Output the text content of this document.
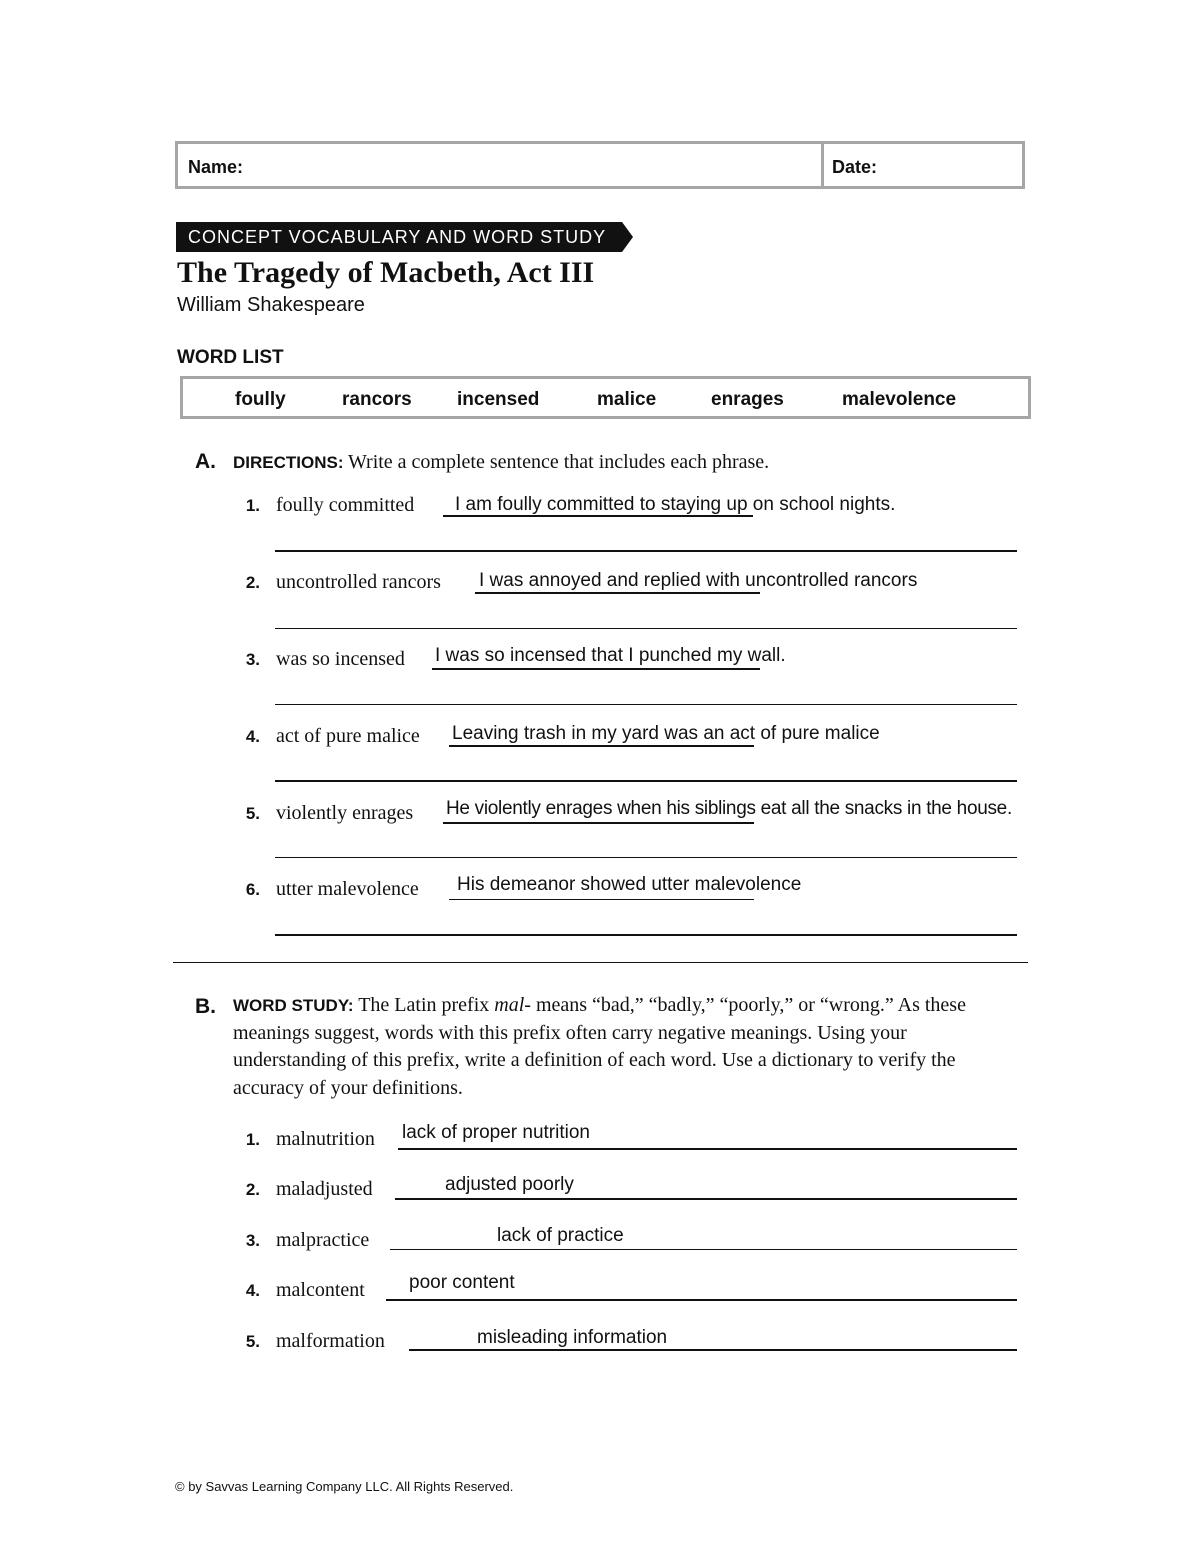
Name:	Date:
CONCEPT VOCABULARY AND WORD STUDY
The Tragedy of Macbeth, Act III
William Shakespeare
WORD LIST
foully	rancors incensed	malice	enrages	malevolence
A. DIRECTIONS: Write a complete sentence that includes each phrase.
1. foully committed I am foully committed to staying up on school nights.
2. uncontrolled rancors I was annoyed and replied with uncontrolled rancors
3. was so incensed I was so incensed that I punched my wall.
4. act of pure malice Leaving trash in my yard was an act of pure malice
5. violently enrages He violently enrages when his siblings eat all the snacks in the house.
6. utter malevolence His demeanor showed utter malevolence
B. WORD STUDY: The Latin prefix mal- means “bad,” “badly,” “poorly,” or “wrong.” As these meanings suggest, words with this prefix often carry negative meanings. Using your understanding of this prefix, write a definition of each word. Use a dictionary to verify the accuracy of your definitions.
1. malnutrition lack of proper nutrition
2. maladjusted	adjusted poorly
3. malpractice	lack of practice
4. malcontent poor content
5. malformation	misleading information
© by Savvas Learning Company LLC. All Rights Reserved.
